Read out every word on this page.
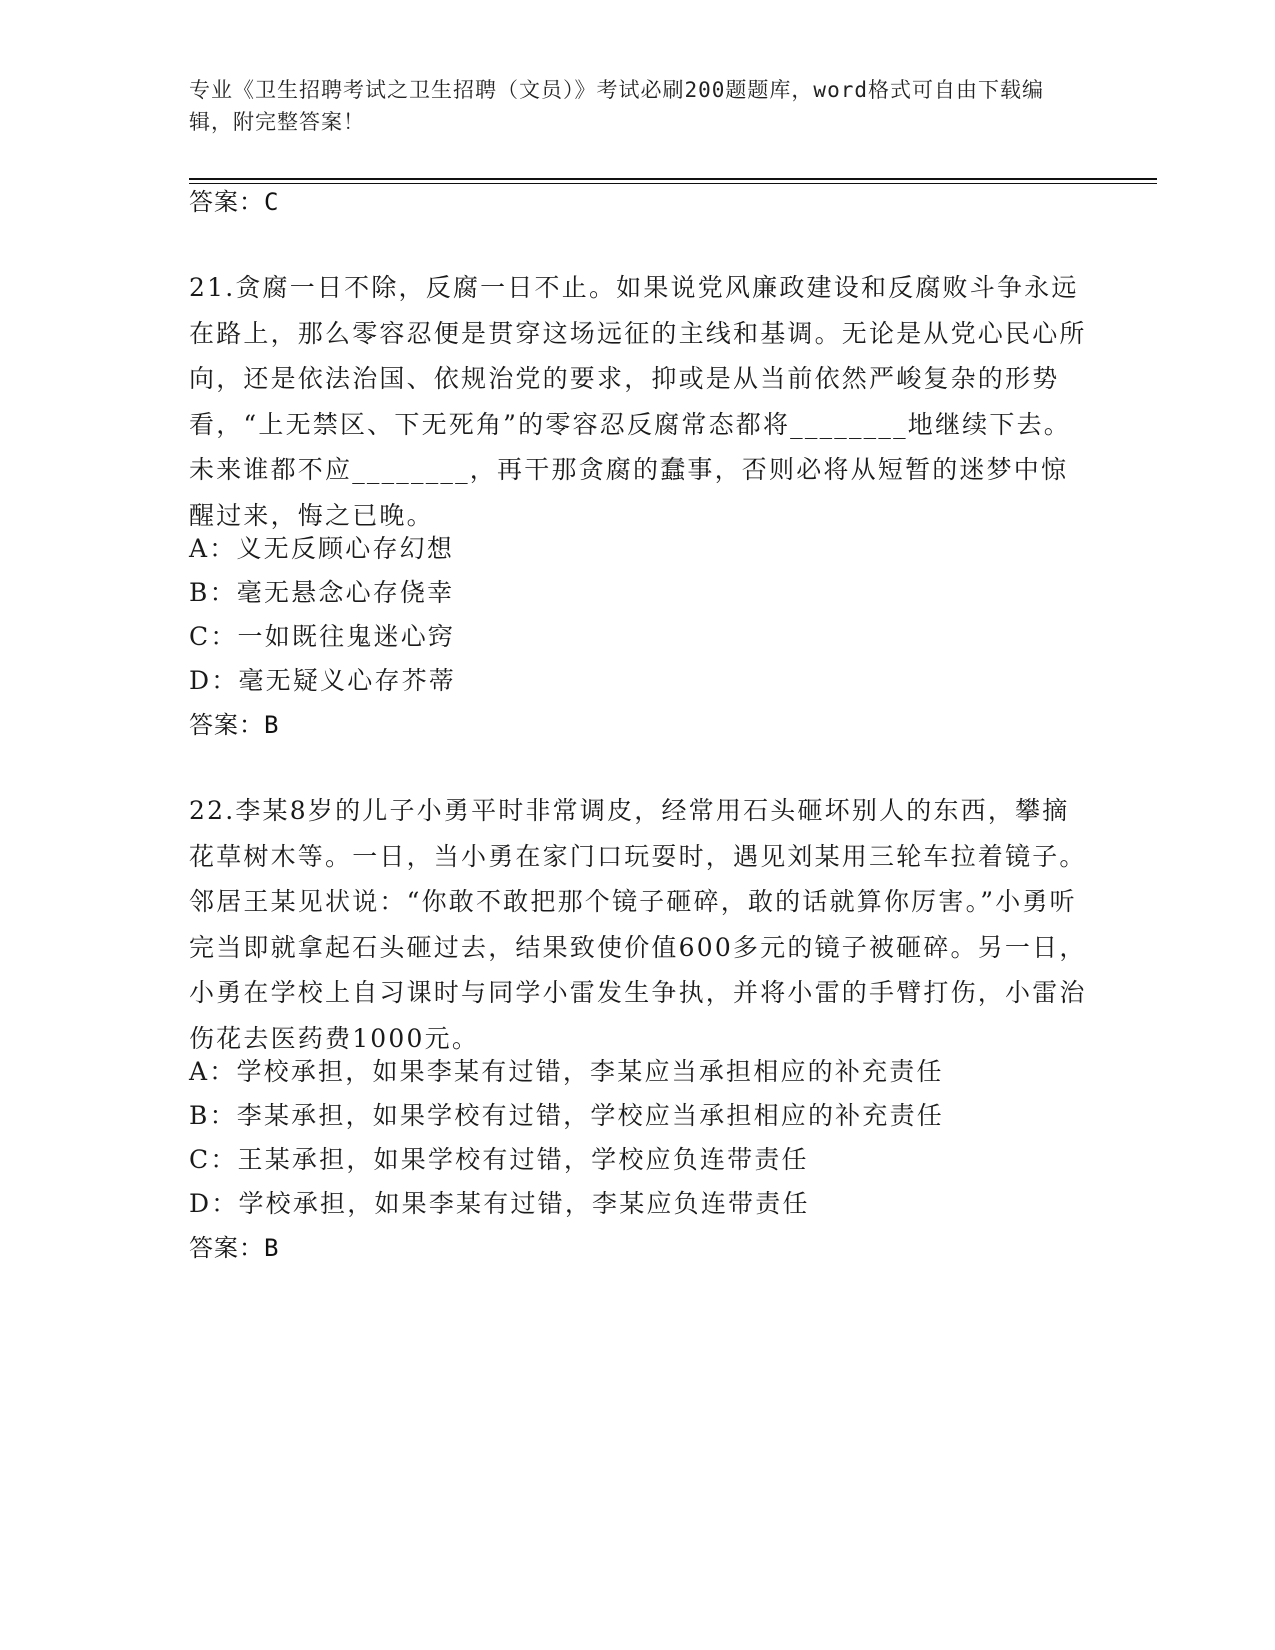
专业《卫生招聘考试之卫生招聘（文员）》考试必刷200题题库，word格式可自由下载编辑，附完整答案！
答案：C
21.贪腐一日不除，反腐一日不止。如果说党风廉政建设和反腐败斗争永远在路上，那么零容忍便是贯穿这场远征的主线和基调。无论是从党心民心所向，还是依法治国、依规治党的要求，抑或是从当前依然严峻复杂的形势看，“上无禁区、下无死角”的零容忍反腐常态都将________地继续下去。未来谁都不应________，再干那贪腐的蠢事，否则必将从短暂的迷梦中惊醒过来，悔之已晚。
A：义无反顾心存幻想
B：毫无悬念心存侥幸
C：一如既往鬼迷心窍
D：毫无疑义心存芥蒂
答案：B
22.李某8岁的儿子小勇平时非常调皮，经常用石头砸坏别人的东西，攀摘花草树木等。一日，当小勇在家门口玩耍时，遇见刘某用三轮车拉着镜子。邻居王某见状说：“你敢不敢把那个镜子砸碎，敢的话就算你厉害。”小勇听完当即就拿起石头砸过去，结果致使价值600多元的镜子被砸碎。另一日，小勇在学校上自习课时与同学小雷发生争执，并将小雷的手臂打伤，小雷治伤花去医药费1000元。
A：学校承担，如果李某有过错，李某应当承担相应的补充责任
B：李某承担，如果学校有过错，学校应当承担相应的补充责任
C：王某承担，如果学校有过错，学校应负连带责任
D：学校承担，如果李某有过错，李某应负连带责任
答案：B
